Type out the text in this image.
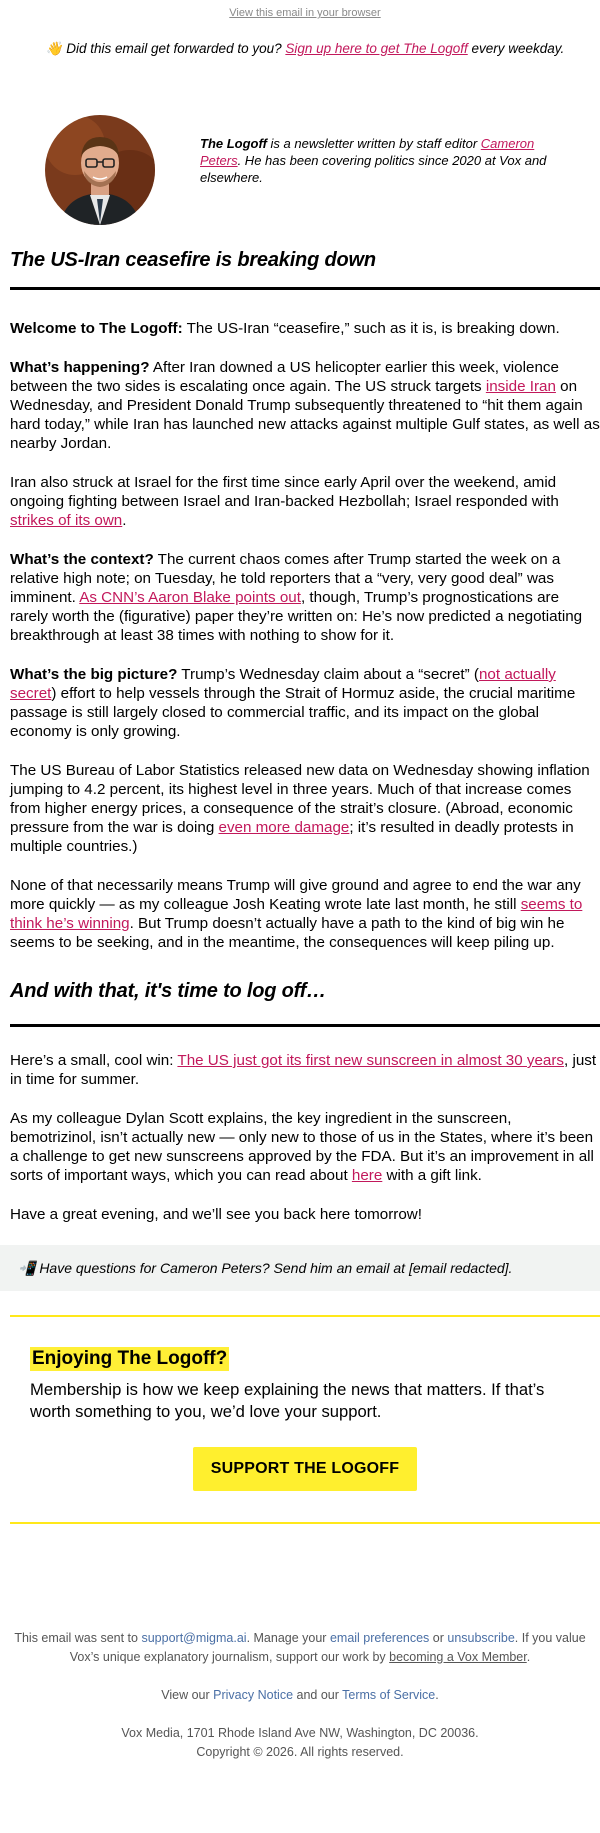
View this email in your browser
👋 Did this email get forwarded to you? Sign up here to get The Logoff every weekday.
The Logoff is a newsletter written by staff editor Cameron Peters. He has been covering politics since 2020 at Vox and elsewhere.
The US-Iran ceasefire is breaking down

Welcome to The Logoff: The US-Iran “ceasefire,” such as it is, is breaking down.

What’s happening? After Iran downed a US helicopter earlier this week, violence between the two sides is escalating once again. The US struck targets inside Iran on Wednesday, and President Donald Trump subsequently threatened to “hit them again hard today,” while Iran has launched new attacks against multiple Gulf states, as well as nearby Jordan.

Iran also struck at Israel for the first time since early April over the weekend, amid ongoing fighting between Israel and Iran-backed Hezbollah; Israel responded with strikes of its own.

What’s the context? The current chaos comes after Trump started the week on a relative high note; on Tuesday, he told reporters that a “very, very good deal” was imminent. As CNN’s Aaron Blake points out, though, Trump’s prognostications are rarely worth the (figurative) paper they’re written on: He’s now predicted a negotiating breakthrough at least 38 times with nothing to show for it.

What’s the big picture? Trump’s Wednesday claim about a “secret” (not actually secret) effort to help vessels through the Strait of Hormuz aside, the crucial maritime passage is still largely closed to commercial traffic, and its impact on the global economy is only growing.

The US Bureau of Labor Statistics released new data on Wednesday showing inflation jumping to 4.2 percent, its highest level in three years. Much of that increase comes from higher energy prices, a consequence of the strait’s closure. (Abroad, economic pressure from the war is doing even more damage; it’s resulted in deadly protests in multiple countries.)

None of that necessarily means Trump will give ground and agree to end the war any more quickly — as my colleague Josh Keating wrote late last month, he still seems to think he’s winning. But Trump doesn’t actually have a path to the kind of big win he seems to be seeking, and in the meantime, the consequences will keep piling up.

And with that, it's time to log off…

Here’s a small, cool win: The US just got its first new sunscreen in almost 30 years, just in time for summer.

As my colleague Dylan Scott explains, the key ingredient in the sunscreen, bemotrizinol, isn’t actually new — only new to those of us in the States, where it’s been a challenge to get new sunscreens approved by the FDA. But it’s an improvement in all sorts of important ways, which you can read about here with a gift link.

Have a great evening, and we’ll see you back here tomorrow!

📲 Have questions for Cameron Peters? Send him an email at [email redacted].
Enjoying The Logoff?
Membership is how we keep explaining the news that matters. If that’s worth something to you, we’d love your support.
SUPPORT THE LOGOFF
This email was sent to support@migma.ai. Manage your email preferences or unsubscribe. If you value Vox’s unique explanatory journalism, support our work by becoming a Vox Member.
View our Privacy Notice and our Terms of Service.
Vox Media, 1701 Rhode Island Ave NW, Washington, DC 20036.
Copyright © 2026. All rights reserved.
